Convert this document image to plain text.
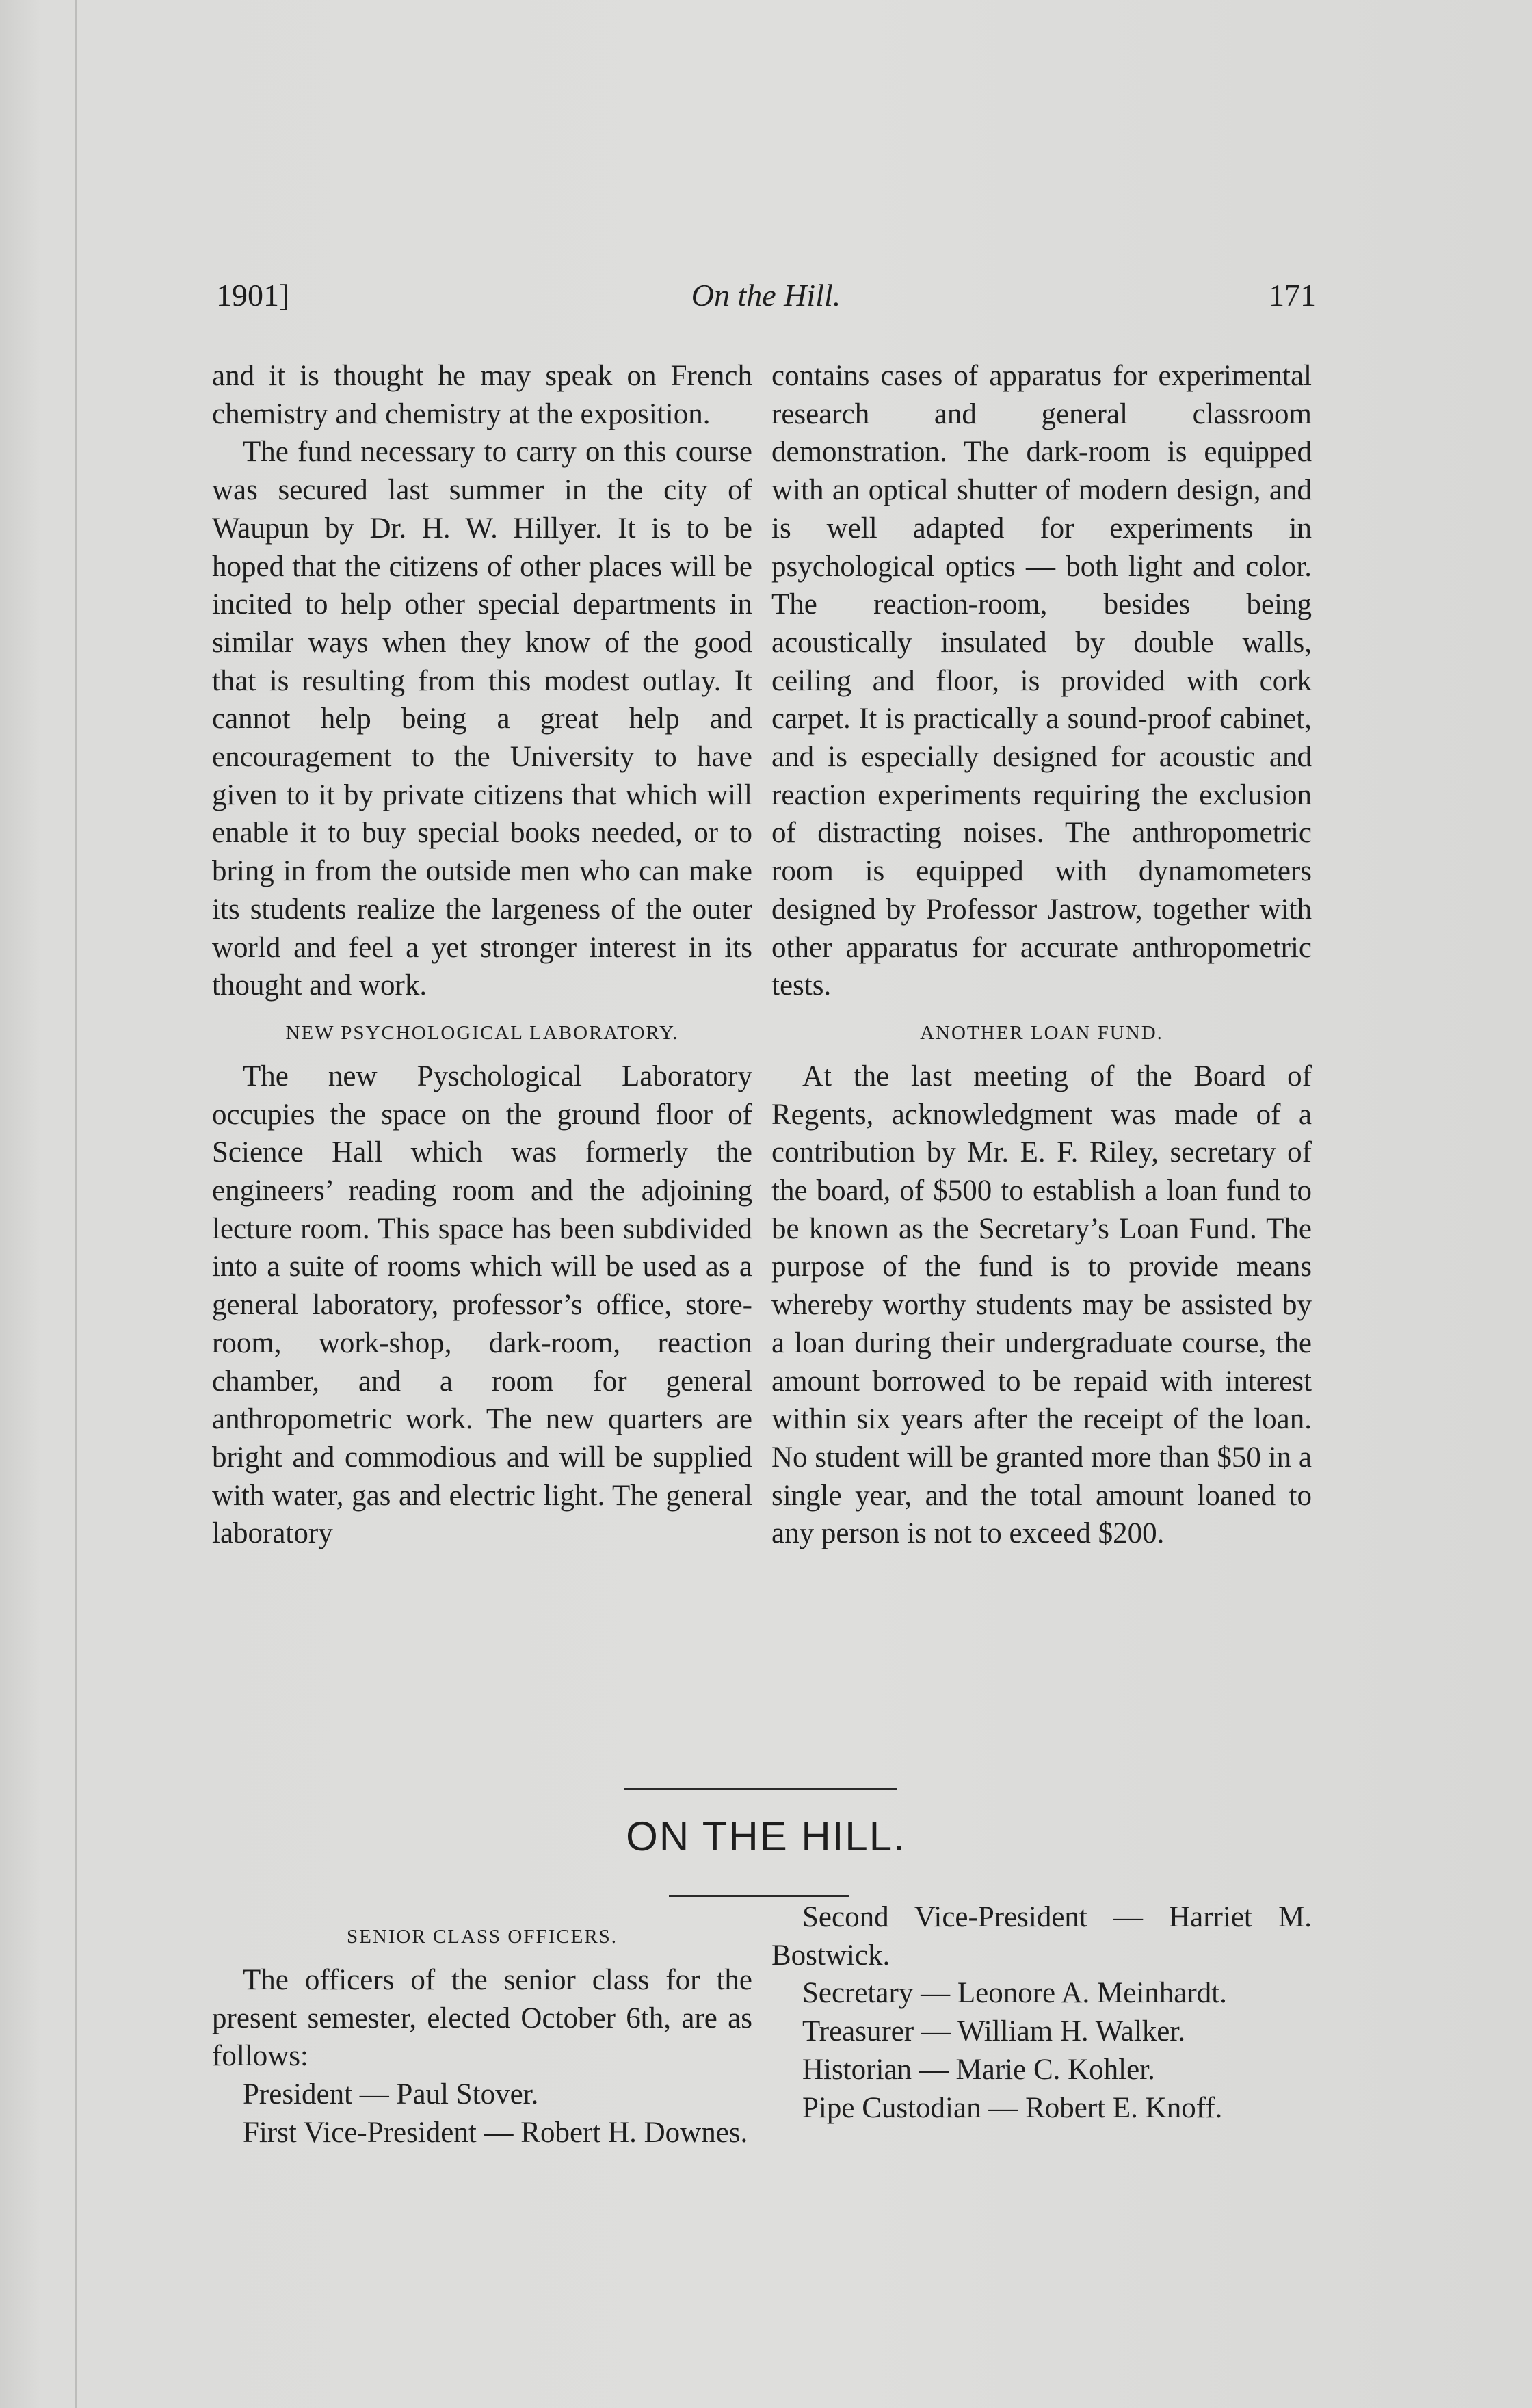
1901]	On the Hill.	171

and it is thought he may speak on French chemistry and chemistry at the exposition.

The fund necessary to carry on this course was secured last summer in the city of Waupun by Dr. H. W. Hillyer. It is to be hoped that the citizens of other places will be incited to help other special departments in similar ways when they know of the good that is resulting from this modest outlay. It cannot help being a great help and encouragement to the University to have given to it by private citizens that which will enable it to buy special books needed, or to bring in from the outside men who can make its students realize the largeness of the outer world and feel a yet stronger interest in its thought and work.

NEW PSYCHOLOGICAL LABORATORY.

The new Pyschological Laboratory occupies the space on the ground floor of Science Hall which was formerly the engineers’ reading room and the adjoining lecture room. This space has been subdivided into a suite of rooms which will be used as a general laboratory, professor’s office, storeroom, work-shop, dark-room, reaction chamber, and a room for general anthropometric work. The new quarters are bright and commodious and will be supplied with water, gas and electric light. The general laboratory

contains cases of apparatus for experimental research and general classroom demonstration. The dark-room is equipped with an optical shutter of modern design, and is well adapted for experiments in psychological optics — both light and color. The reaction-room, besides being acoustically insulated by double walls, ceiling and floor, is provided with cork carpet. It is practically a sound-proof cabinet, and is especially designed for acoustic and reaction experiments requiring the exclusion of distracting noises. The anthropometric room is equipped with dynamometers designed by Professor Jastrow, together with other apparatus for accurate anthropometric tests.

ANOTHER LOAN FUND.

At the last meeting of the Board of Regents, acknowledgment was made of a contribution by Mr. E. F. Riley, secretary of the board, of $500 to establish a loan fund to be known as the Secretary’s Loan Fund. The purpose of the fund is to provide means whereby worthy students may be assisted by a loan during their undergraduate course, the amount borrowed to be repaid with interest within six years after the receipt of the loan. No student will be granted more than $50 in a single year, and the total amount loaned to any person is not to exceed $200.

ON THE HILL.
SENIOR CLASS OFFICERS.

The officers of the senior class for the present semester, elected October 6th, are as follows:

President — Paul Stover.

First Vice-President — Robert H. Downes.

Second Vice-President — Harriet M. Bostwick.

Secretary — Leonore A. Meinhardt.

Treasurer — William H. Walker.

Historian — Marie C. Kohler.

Pipe Custodian — Robert E. Knoff.
